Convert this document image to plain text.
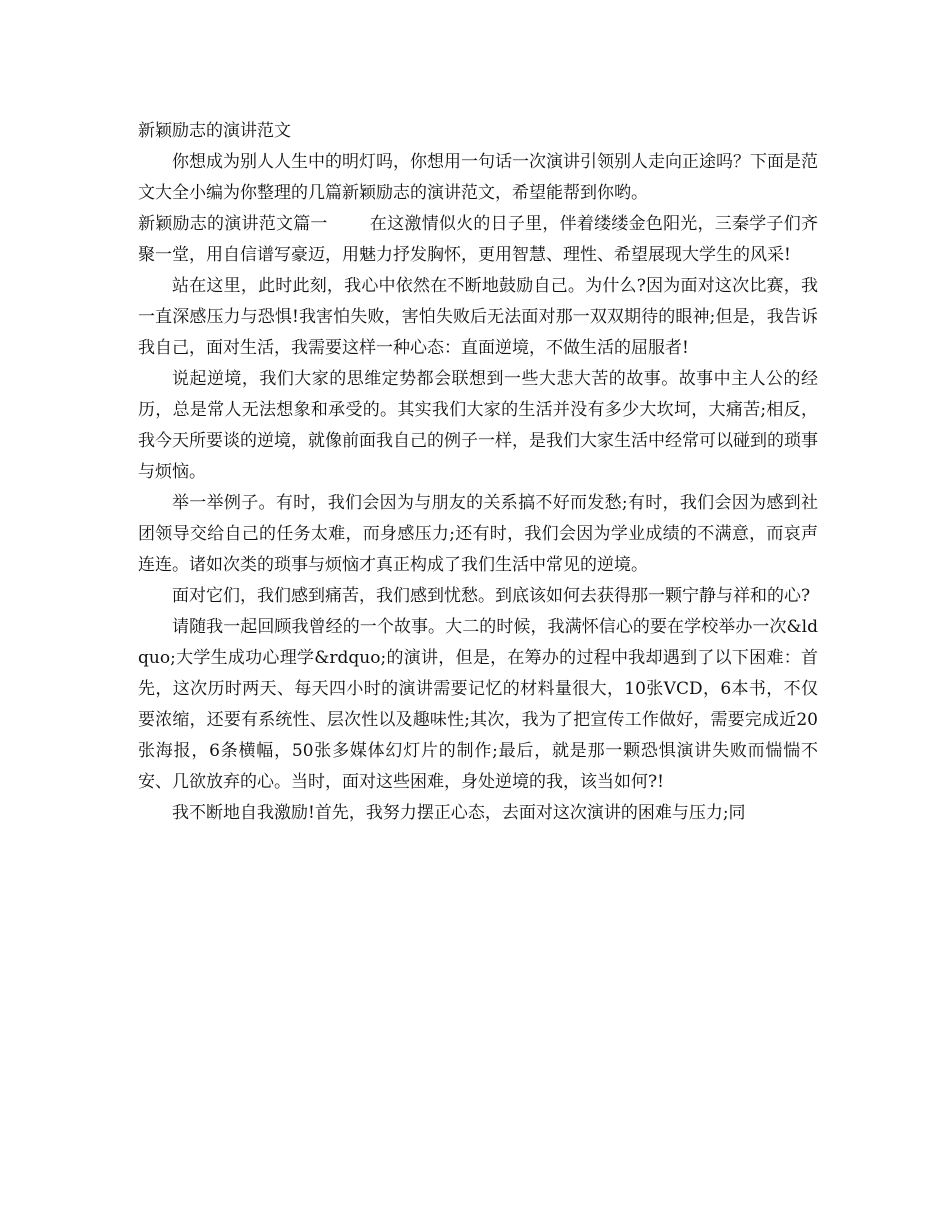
新颖励志的演讲范文

你想成为别人人生中的明灯吗，你想用一句话一次演讲引领别人走向正途吗？下面是范文大全小编为你整理的几篇新颖励志的演讲范文，希望能帮到你哟。

新颖励志的演讲范文篇一 在这激情似火的日子里，伴着缕缕金色阳光，三秦学子们齐聚一堂，用自信谱写豪迈，用魅力抒发胸怀，更用智慧、理性、希望展现大学生的风采!

站在这里，此时此刻，我心中依然在不断地鼓励自己。为什么?因为面对这次比赛，我一直深感压力与恐惧!我害怕失败，害怕失败后无法面对那一双双期待的眼神;但是，我告诉我自己，面对生活，我需要这样一种心态：直面逆境，不做生活的屈服者!

说起逆境，我们大家的思维定势都会联想到一些大悲大苦的故事。故事中主人公的经历，总是常人无法想象和承受的。其实我们大家的生活并没有多少大坎坷，大痛苦;相反，我今天所要谈的逆境，就像前面我自己的例子一样，是我们大家生活中经常可以碰到的琐事与烦恼。

举一举例子。有时，我们会因为与朋友的关系搞不好而发愁;有时，我们会因为感到社团领导交给自己的任务太难，而身感压力;还有时，我们会因为学业成绩的不满意，而哀声连连。诸如次类的琐事与烦恼才真正构成了我们生活中常见的逆境。

面对它们，我们感到痛苦，我们感到忧愁。到底该如何去获得那一颗宁静与祥和的心?

请随我一起回顾我曾经的一个故事。大二的时候，我满怀信心的要在学校举办一次&ldquo;大学生成功心理学&rdquo;的演讲，但是，在筹办的过程中我却遇到了以下困难：首先，这次历时两天、每天四小时的演讲需要记忆的材料量很大，10张VCD，6本书，不仅要浓缩，还要有系统性、层次性以及趣味性;其次，我为了把宣传工作做好，需要完成近20张海报，6条横幅，50张多媒体幻灯片的制作;最后，就是那一颗恐惧演讲失败而惴惴不安、几欲放弃的心。当时，面对这些困难，身处逆境的我，该当如何?!

我不断地自我激励!首先，我努力摆正心态，去面对这次演讲的困难与压力;同
